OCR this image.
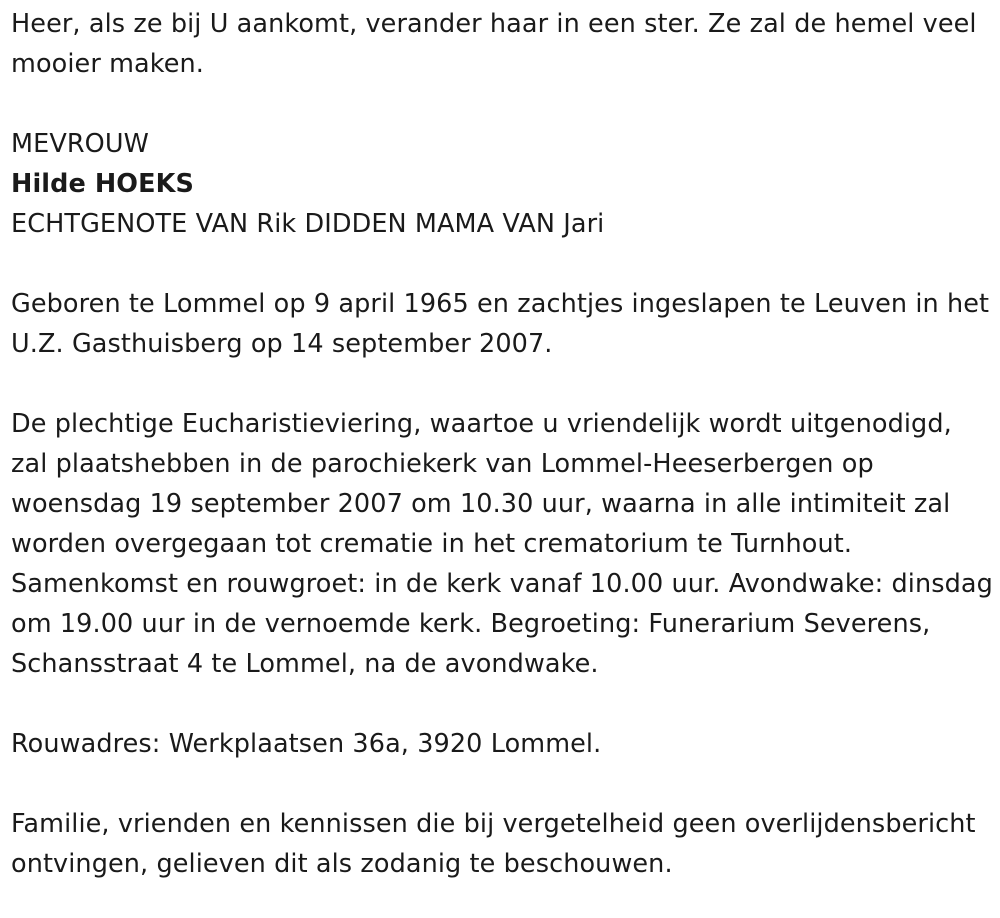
Heer, als ze bij U aankomt, verander haar in een ster. Ze zal de hemel veel mooier maken.

MEVROUW

Hilde HOEKS

ECHTGENOTE VAN Rik DIDDEN MAMA VAN Jari

Geboren te Lommel op 9 april 1965 en zachtjes ingeslapen te Leuven in het U.Z. Gasthuisberg op 14 september 2007.

De plechtige Eucharistieviering, waartoe u vriendelijk wordt uitgenodigd, zal plaatshebben in de parochiekerk van Lommel-Heeserbergen op woensdag 19 september 2007 om 10.30 uur, waarna in alle intimiteit zal worden overgegaan tot crematie in het crematorium te Turnhout. Samenkomst en rouwgroet: in de kerk vanaf 10.00 uur. Avondwake: dinsdag om 19.00 uur in de vernoemde kerk. Begroeting: Funerarium Severens, Schansstraat 4 te Lommel, na de avondwake.

Rouwadres: Werkplaatsen 36a, 3920 Lommel.

Familie, vrienden en kennissen die bij vergetelheid geen overlijdensbericht ontvingen, gelieven dit als zodanig te beschouwen.
